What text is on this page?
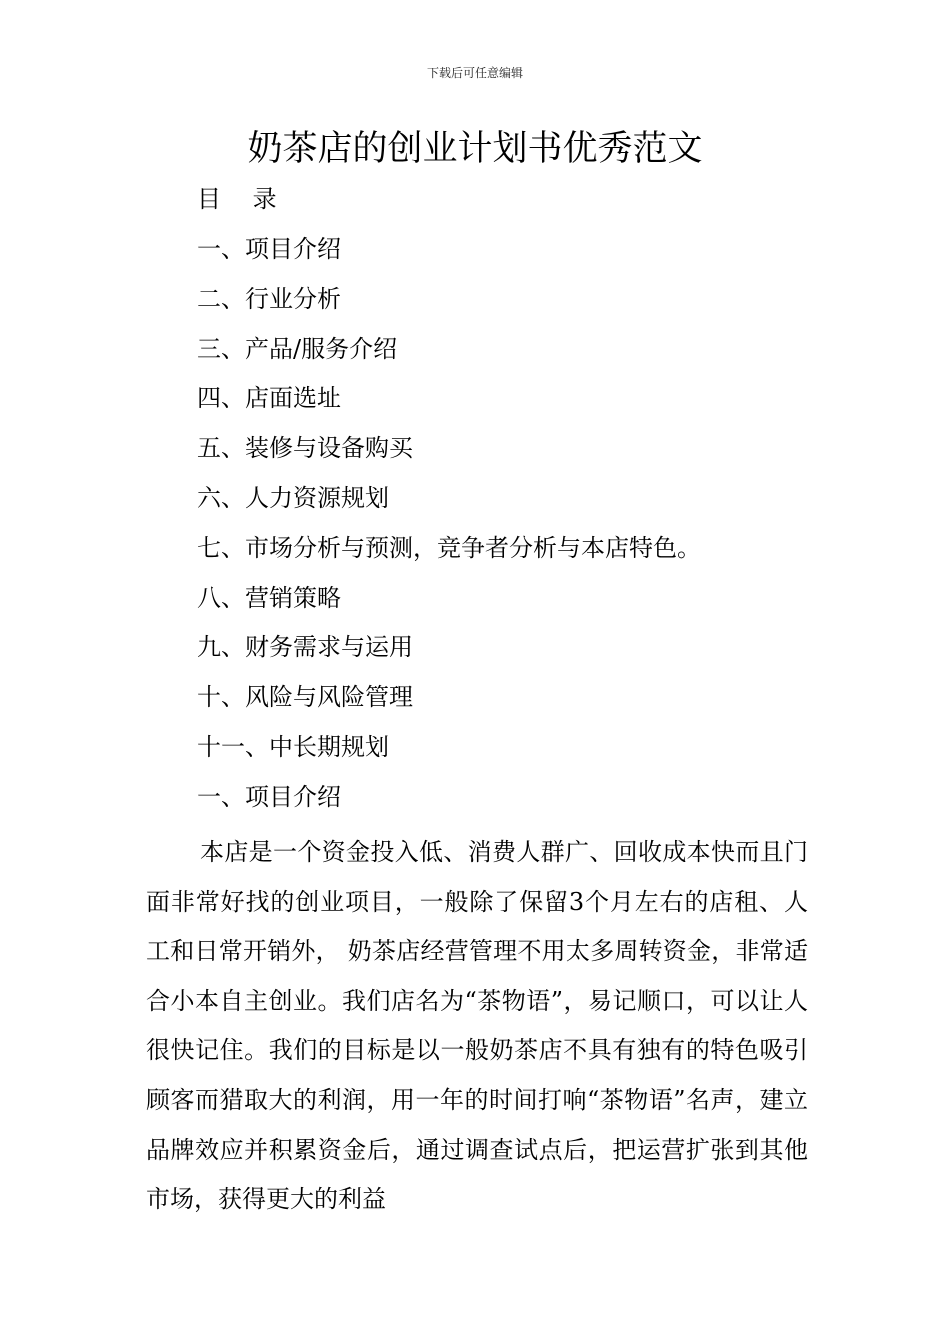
下载后可任意编辑
奶茶店的创业计划书优秀范文
目 录
一、项目介绍
二、行业分析
三、产品/服务介绍
四、店面选址
五、装修与设备购买
六、人力资源规划
七、市场分析与预测，竞争者分析与本店特色。
八、营销策略
九、财务需求与运用
十、风险与风险管理
十一、中长期规划
一、项目介绍

本店是一个资金投入低、消费人群广、回收成本快而且门面非常好找的创业项目，一般除了保留3个月左右的店租、人工和日常开销外， 奶茶店经营管理不用太多周转资金，非常适合小本自主创业。我们店名为“茶物语”，易记顺口，可以让人很快记住。我们的目标是以一般奶茶店不具有独有的特色吸引顾客而猎取大的利润，用一年的时间打响“茶物语”名声，建立品牌效应并积累资金后，通过调查试点后，把运营扩张到其他市场，获得更大的利益
